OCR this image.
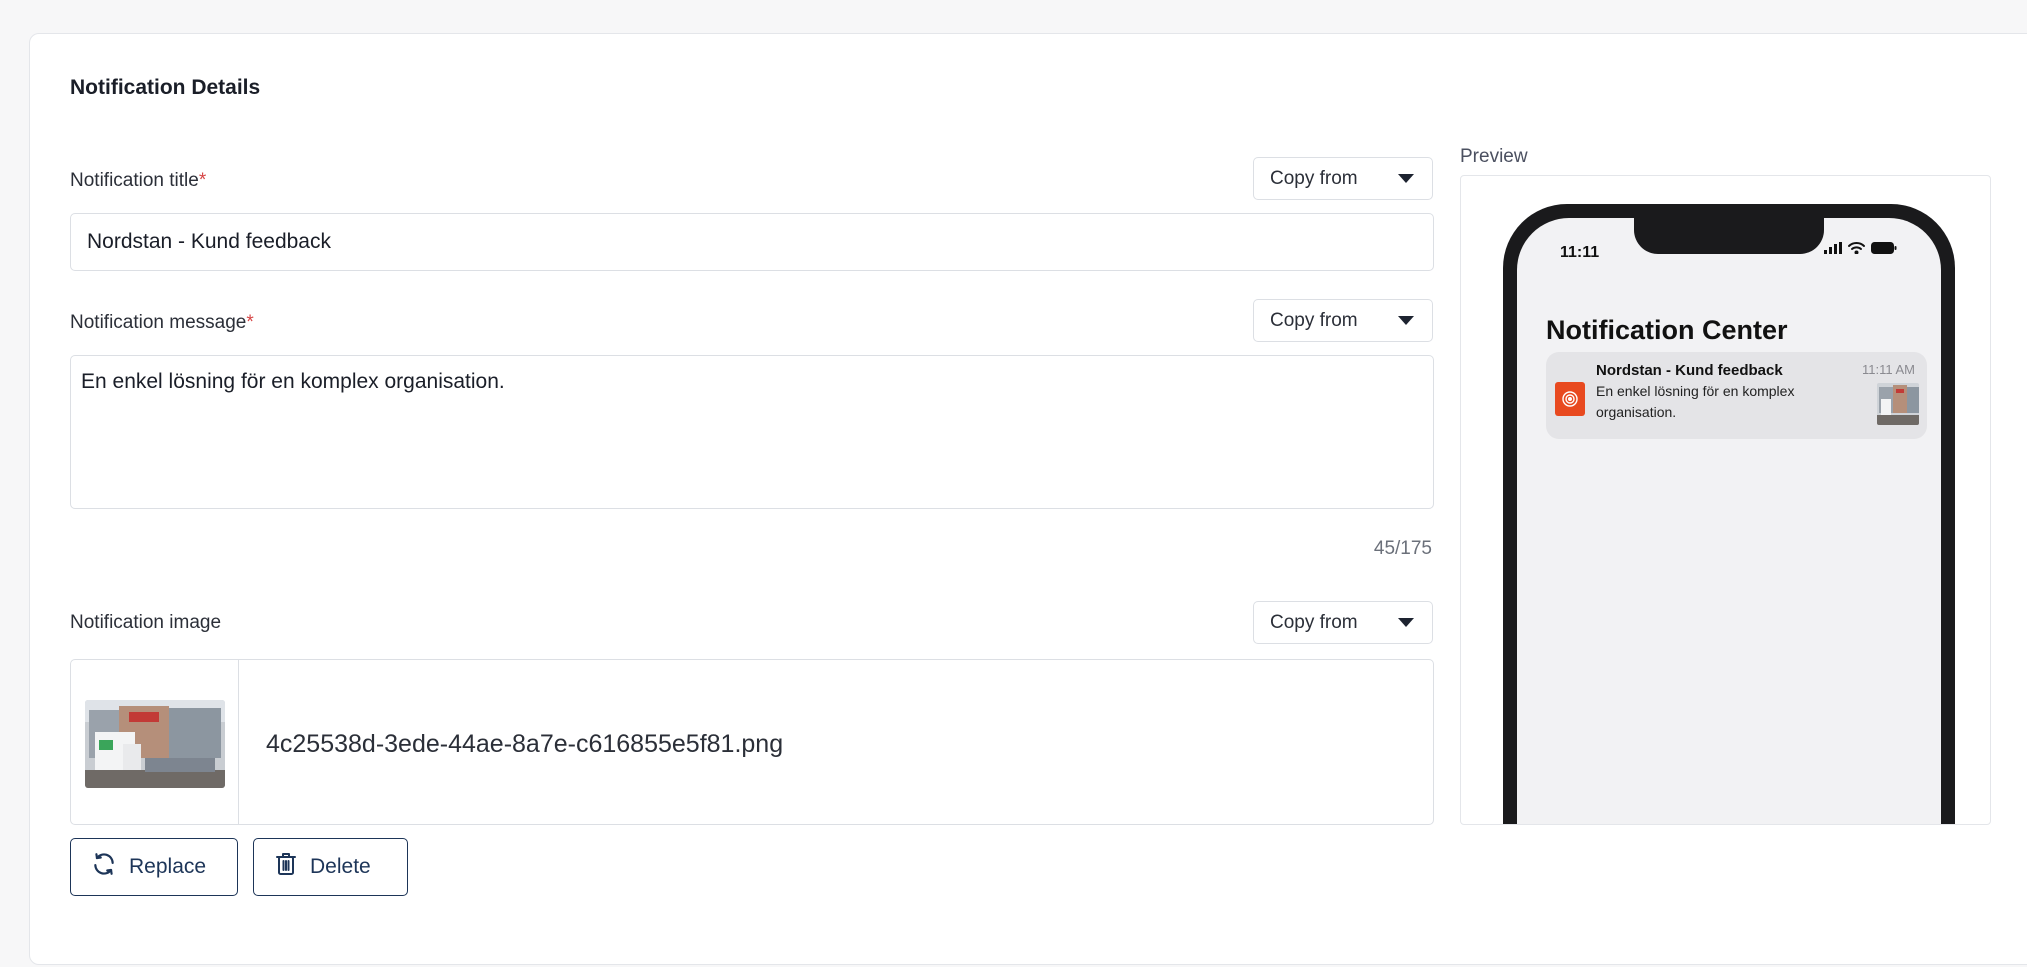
Notification Details
Notification title*	Copy from
Nordstan - Kund feedback
Notification message*	Copy from
En enkel lösning för en komplex organisation.
45/175
Notification image	Copy from
4c25538d-3ede-44ae-8a7e-c616855e5f81.png
Replace	Delete
Preview
11:11
Notification Center
Nordstan - Kund feedback	11:11 AM
En enkel lösning för en komplex organisation.
